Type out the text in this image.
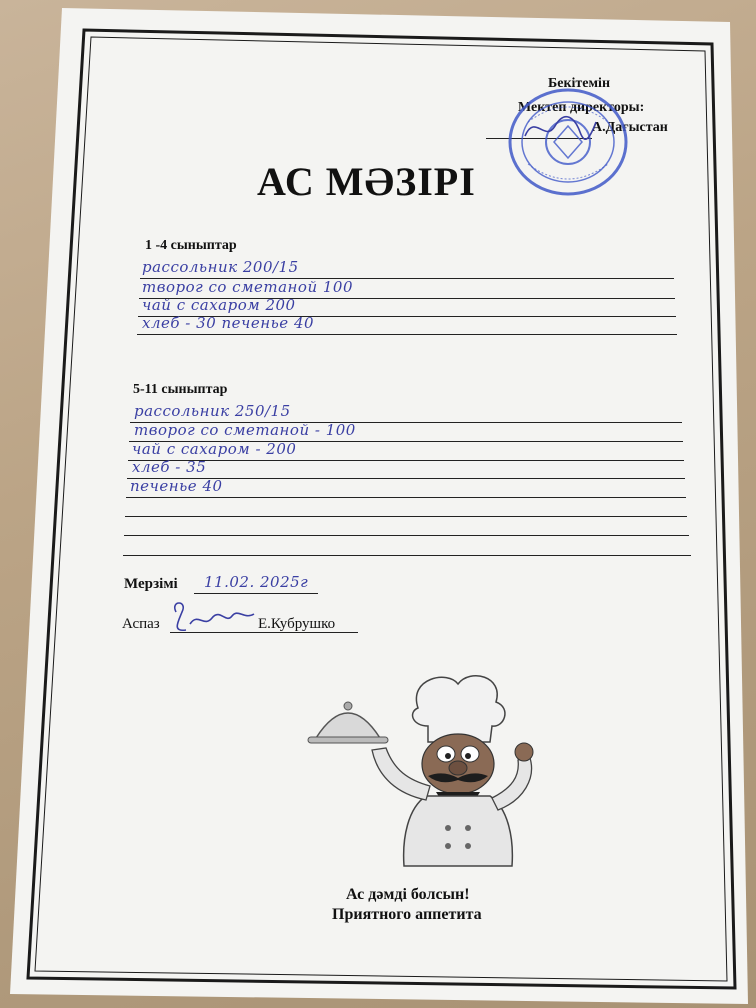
Бекітемін
Мектеп директоры:
А.Дағыстан
АС МӘЗІРІ
1 -4 сыныптар
рассольник 200/15
творог со сметаной 100
чай с сахаром 200
хлеб - 30 печенье 40
5-11 сыныптар
рассольник 250/15
творог со сметаной - 100
чай с сахаром - 200
хлеб - 35
печенье 40
Мерзімі 11.02. 2025г
Аспаз	Е.Кубрушко
Ас дәмді болсын!
Приятного аппетита
